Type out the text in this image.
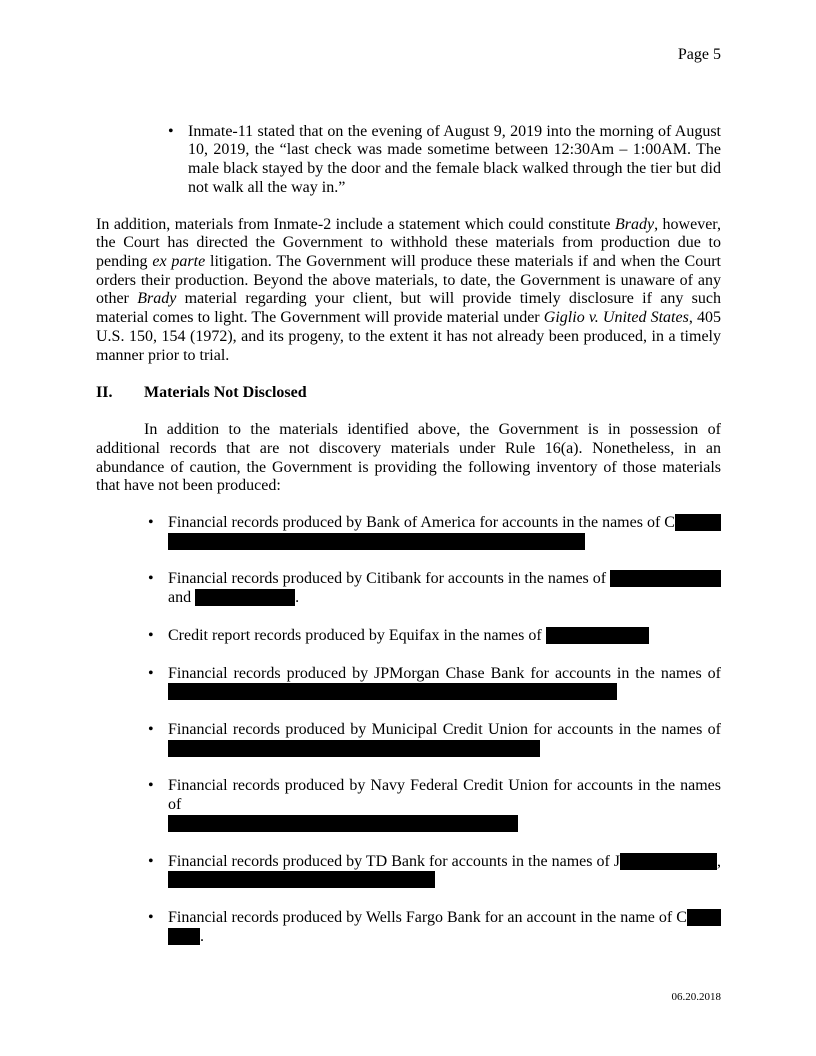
Page 5
• Inmate-11 stated that on the evening of August 9, 2019 into the morning of August 10, 2019, the “last check was made sometime between 12:30Am – 1:00AM. The male black stayed by the door and the female black walked through the tier but did not walk all the way in.”

In addition, materials from Inmate-2 include a statement which could constitute Brady, however, the Court has directed the Government to withhold these materials from production due to pending ex parte litigation. The Government will produce these materials if and when the Court orders their production. Beyond the above materials, to date, the Government is unaware of any other Brady material regarding your client, but will provide timely disclosure if any such material comes to light. The Government will provide material under Giglio v. United States, 405 U.S. 150, 154 (1972), and its progeny, to the extent it has not already been produced, in a timely manner prior to trial.

II. Materials Not Disclosed

In addition to the materials identified above, the Government is in possession of additional records that are not discovery materials under Rule 16(a). Nonetheless, in an abundance of caution, the Government is providing the following inventory of those materials that have not been produced:

• Financial records produced by Bank of America for accounts in the names of C
• Financial records produced by Citibank for accounts in the names of
and	.
• Credit report records produced by Equifax in the names of
• Financial records produced by JPMorgan Chase Bank for accounts in the names of
• Financial records produced by Municipal Credit Union for accounts in the names of
• Financial records produced by Navy Federal Credit Union for accounts in the names of
• Financial records produced by TD Bank for accounts in the names of J	,
• Financial records produced by Wells Fargo Bank for an account in the name of C
.
06.20.2018
